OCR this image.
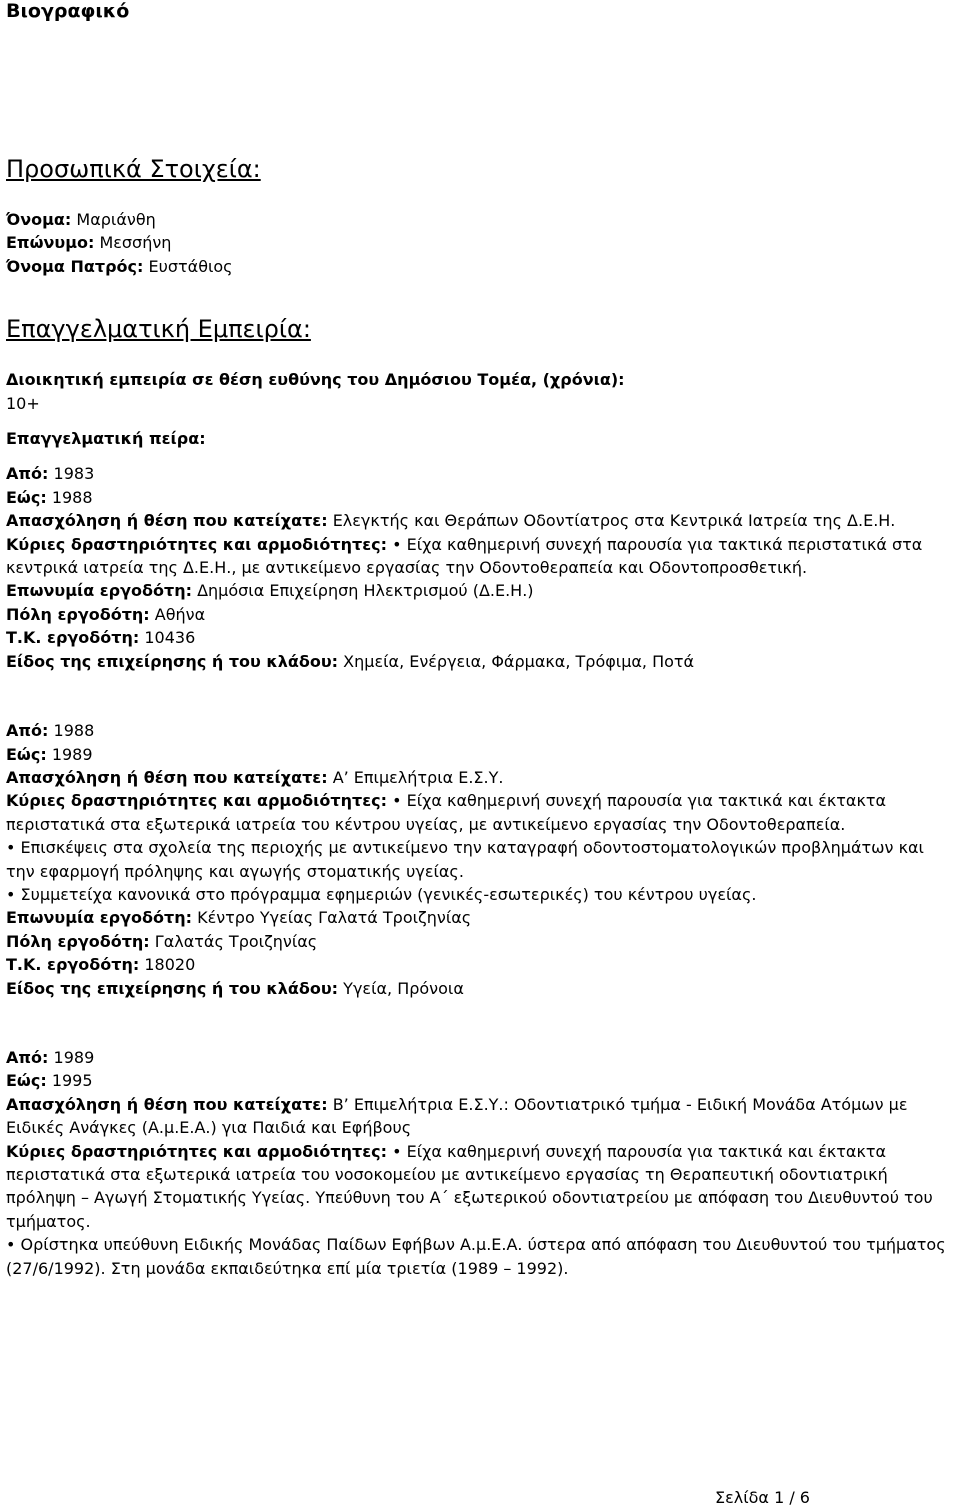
Βιογραφικό
Προσωπικά Στοιχεία:

Όνομα: Μαριάνθη

Επώνυμο: Μεσσήνη

Όνομα Πατρός: Ευστάθιος

Επαγγελματική Εμπειρία:

Διοικητική εμπειρία σε θέση ευθύνης του Δημόσιου Τομέα, (χρόνια):

10+

Επαγγελματική πείρα:

Από: 1983

Εώς: 1988

Απασχόληση ή θέση που κατείχατε: Ελεγκτής και Θεράπων Οδοντίατρος στα Κεντρικά Ιατρεία της Δ.Ε.Η.

Κύριες δραστηριότητες και αρμοδιότητες: • Είχα καθημερινή συνεχή παρουσία για τακτικά περιστατικά στα κεντρικά ιατρεία της Δ.Ε.Η., με αντικείμενο εργασίας την Οδοντοθεραπεία και Οδοντοπροσθετική.

Επωνυμία εργοδότη: Δημόσια Επιχείρηση Ηλεκτρισμού (Δ.Ε.Η.)

Πόλη εργοδότη: Αθήνα

Τ.Κ. εργοδότη: 10436

Είδος της επιχείρησης ή του κλάδου: Χημεία, Ενέργεια, Φάρμακα, Τρόφιμα, Ποτά

Από: 1988

Εώς: 1989

Απασχόληση ή θέση που κατείχατε: Α’ Επιμελήτρια Ε.Σ.Υ.

Κύριες δραστηριότητες και αρμοδιότητες: • Είχα καθημερινή συνεχή παρουσία για τακτικά και έκτακτα περιστατικά στα εξωτερικά ιατρεία του κέντρου υγείας, με αντικείμενο εργασίας την Οδοντοθεραπεία.

• Επισκέψεις στα σχολεία της περιοχής με αντικείμενο την καταγραφή οδοντοστοματολογικών προβλημάτων και την εφαρμογή πρόληψης και αγωγής στοματικής υγείας.

• Συμμετείχα κανονικά στο πρόγραμμα εφημεριών (γενικές-εσωτερικές) του κέντρου υγείας.

Επωνυμία εργοδότη: Κέντρο Υγείας Γαλατά Τροιζηνίας

Πόλη εργοδότη: Γαλατάς Τροιζηνίας

Τ.Κ. εργοδότη: 18020

Είδος της επιχείρησης ή του κλάδου: Υγεία, Πρόνοια

Από: 1989

Εώς: 1995

Απασχόληση ή θέση που κατείχατε: Β’ Επιμελήτρια Ε.Σ.Υ.: Οδοντιατρικό τμήμα - Ειδική Μονάδα Ατόμων με Ειδικές Ανάγκες (Α.μ.Ε.Α.) για Παιδιά και Εφήβους

Κύριες δραστηριότητες και αρμοδιότητες: • Είχα καθημερινή συνεχή παρουσία για τακτικά και έκτακτα περιστατικά στα εξωτερικά ιατρεία του νοσοκομείου με αντικείμενο εργασίας τη Θεραπευτική οδοντιατρική πρόληψη – Αγωγή Στοματικής Υγείας. Υπεύθυνη του Α΄ εξωτερικού οδοντιατρείου με απόφαση του Διευθυντού του τμήματος.

• Ορίστηκα υπεύθυνη Ειδικής Μονάδας Παίδων Εφήβων Α.μ.Ε.Α. ύστερα από απόφαση του Διευθυντού του τμήματος (27/6/1992). Στη μονάδα εκπαιδεύτηκα επί μία τριετία (1989 – 1992).

Σελίδα 1 / 6
